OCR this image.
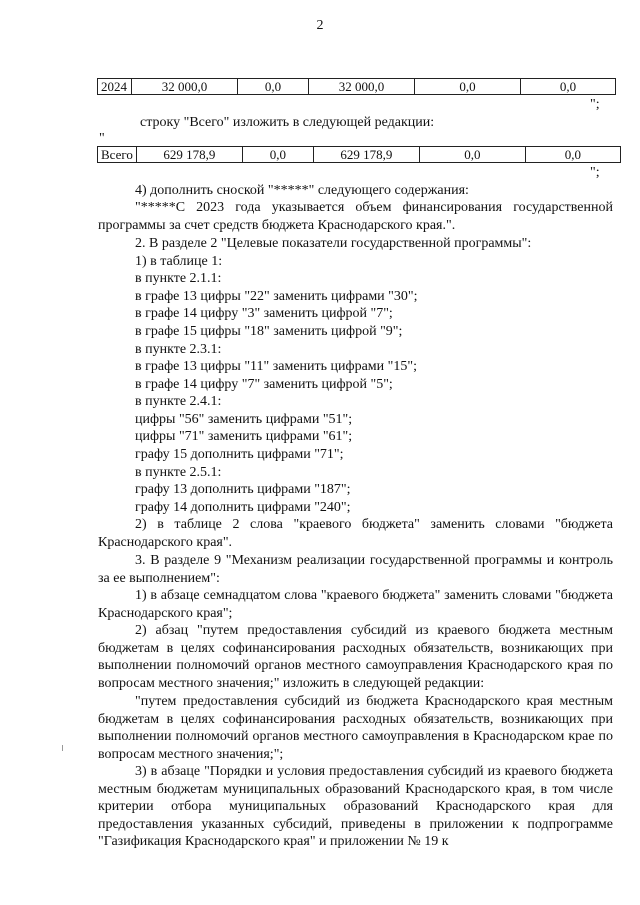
2
2024	32 000,0	0,0	32 000,0	0,0	0,0
";
строку "Всего" изложить в следующей редакции:
"
Всего	629 178,9	0,0	629 178,9	0,0	0,0
";
4) дополнить сноской "*****" следующего содержания:
"*****С 2023 года указывается объем финансирования государственной программы за счет средств бюджета Краснодарского края.".
2. В разделе 2 "Целевые показатели государственной программы":
1) в таблице 1:
в пункте 2.1.1:
в графе 13 цифры "22" заменить цифрами "30";
в графе 14 цифру "3" заменить цифрой "7";
в графе 15 цифры "18" заменить цифрой "9";
в пункте 2.3.1:
в графе 13 цифры "11" заменить цифрами "15";
в графе 14 цифру "7" заменить цифрой "5";
в пункте 2.4.1:
цифры "56" заменить цифрами "51";
цифры "71" заменить цифрами "61";
графу 15 дополнить цифрами "71";
в пункте 2.5.1:
графу 13 дополнить цифрами "187";
графу 14 дополнить цифрами "240";
2) в таблице 2 слова "краевого бюджета" заменить словами "бюджета Краснодарского края".
3. В разделе 9 "Механизм реализации государственной программы и контроль за ее выполнением":
1) в абзаце семнадцатом слова "краевого бюджета" заменить словами "бюджета Краснодарского края";
2) абзац "путем предоставления субсидий из краевого бюджета местным бюджетам в целях софинансирования расходных обязательств, возникающих при выполнении полномочий органов местного самоуправления Краснодарского края по вопросам местного значения;" изложить в следующей редакции:
"путем предоставления субсидий из бюджета Краснодарского края местным бюджетам в целях софинансирования расходных обязательств, возникающих при выполнении полномочий органов местного самоуправления в Краснодарском крае по вопросам местного значения;";
3) в абзаце "Порядки и условия предоставления субсидий из краевого бюджета местным бюджетам муниципальных образований Краснодарского края, в том числе критерии отбора муниципальных образований Краснодарского края для предоставления указанных субсидий, приведены в приложении к подпрограмме "Газификация Краснодарского края" и приложении № 19 к
